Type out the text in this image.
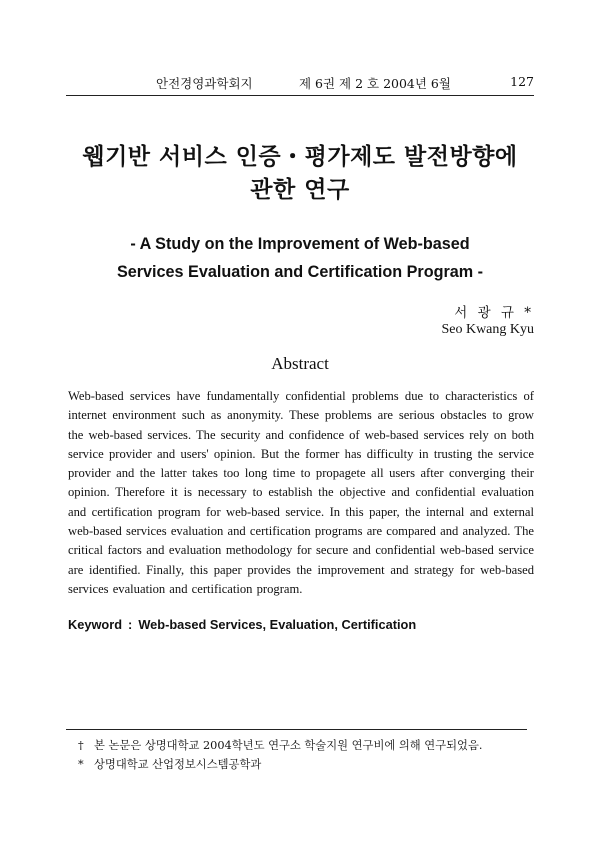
안전경영과학회지	제 6권 제 2 호 2004년 6월	127
웹기반 서비스 인증・평가제도 발전방향에
관한 연구
- A Study on the Improvement of Web-based
Services Evaluation and Certification Program -
서 광 규 *
Seo Kwang Kyu
Abstract
Web-based services have fundamentally confidential problems due to characteristics of internet environment such as anonymity. These problems are serious obstacles to grow the web-based services. The security and confidence of web-based services rely on both service provider and users' opinion. But the former has difficulty in trusting the service provider and the latter takes too long time to propagete all users after converging their opinion. Therefore it is necessary to establish the objective and confidential evaluation and certification program for web-based service. In this paper, the internal and external web-based services evaluation and certification programs are compared and analyzed. The critical factors and evaluation methodology for secure and confidential web-based service are identified. Finally, this paper provides the improvement and strategy for web-based services evaluation and certification program.
Keyword : Web-based Services, Evaluation, Certification
† 본 논문은 상명대학교 2004학년도 연구소 학술지원 연구비에 의해 연구되었음.
* 상명대학교 산업정보시스템공학과
